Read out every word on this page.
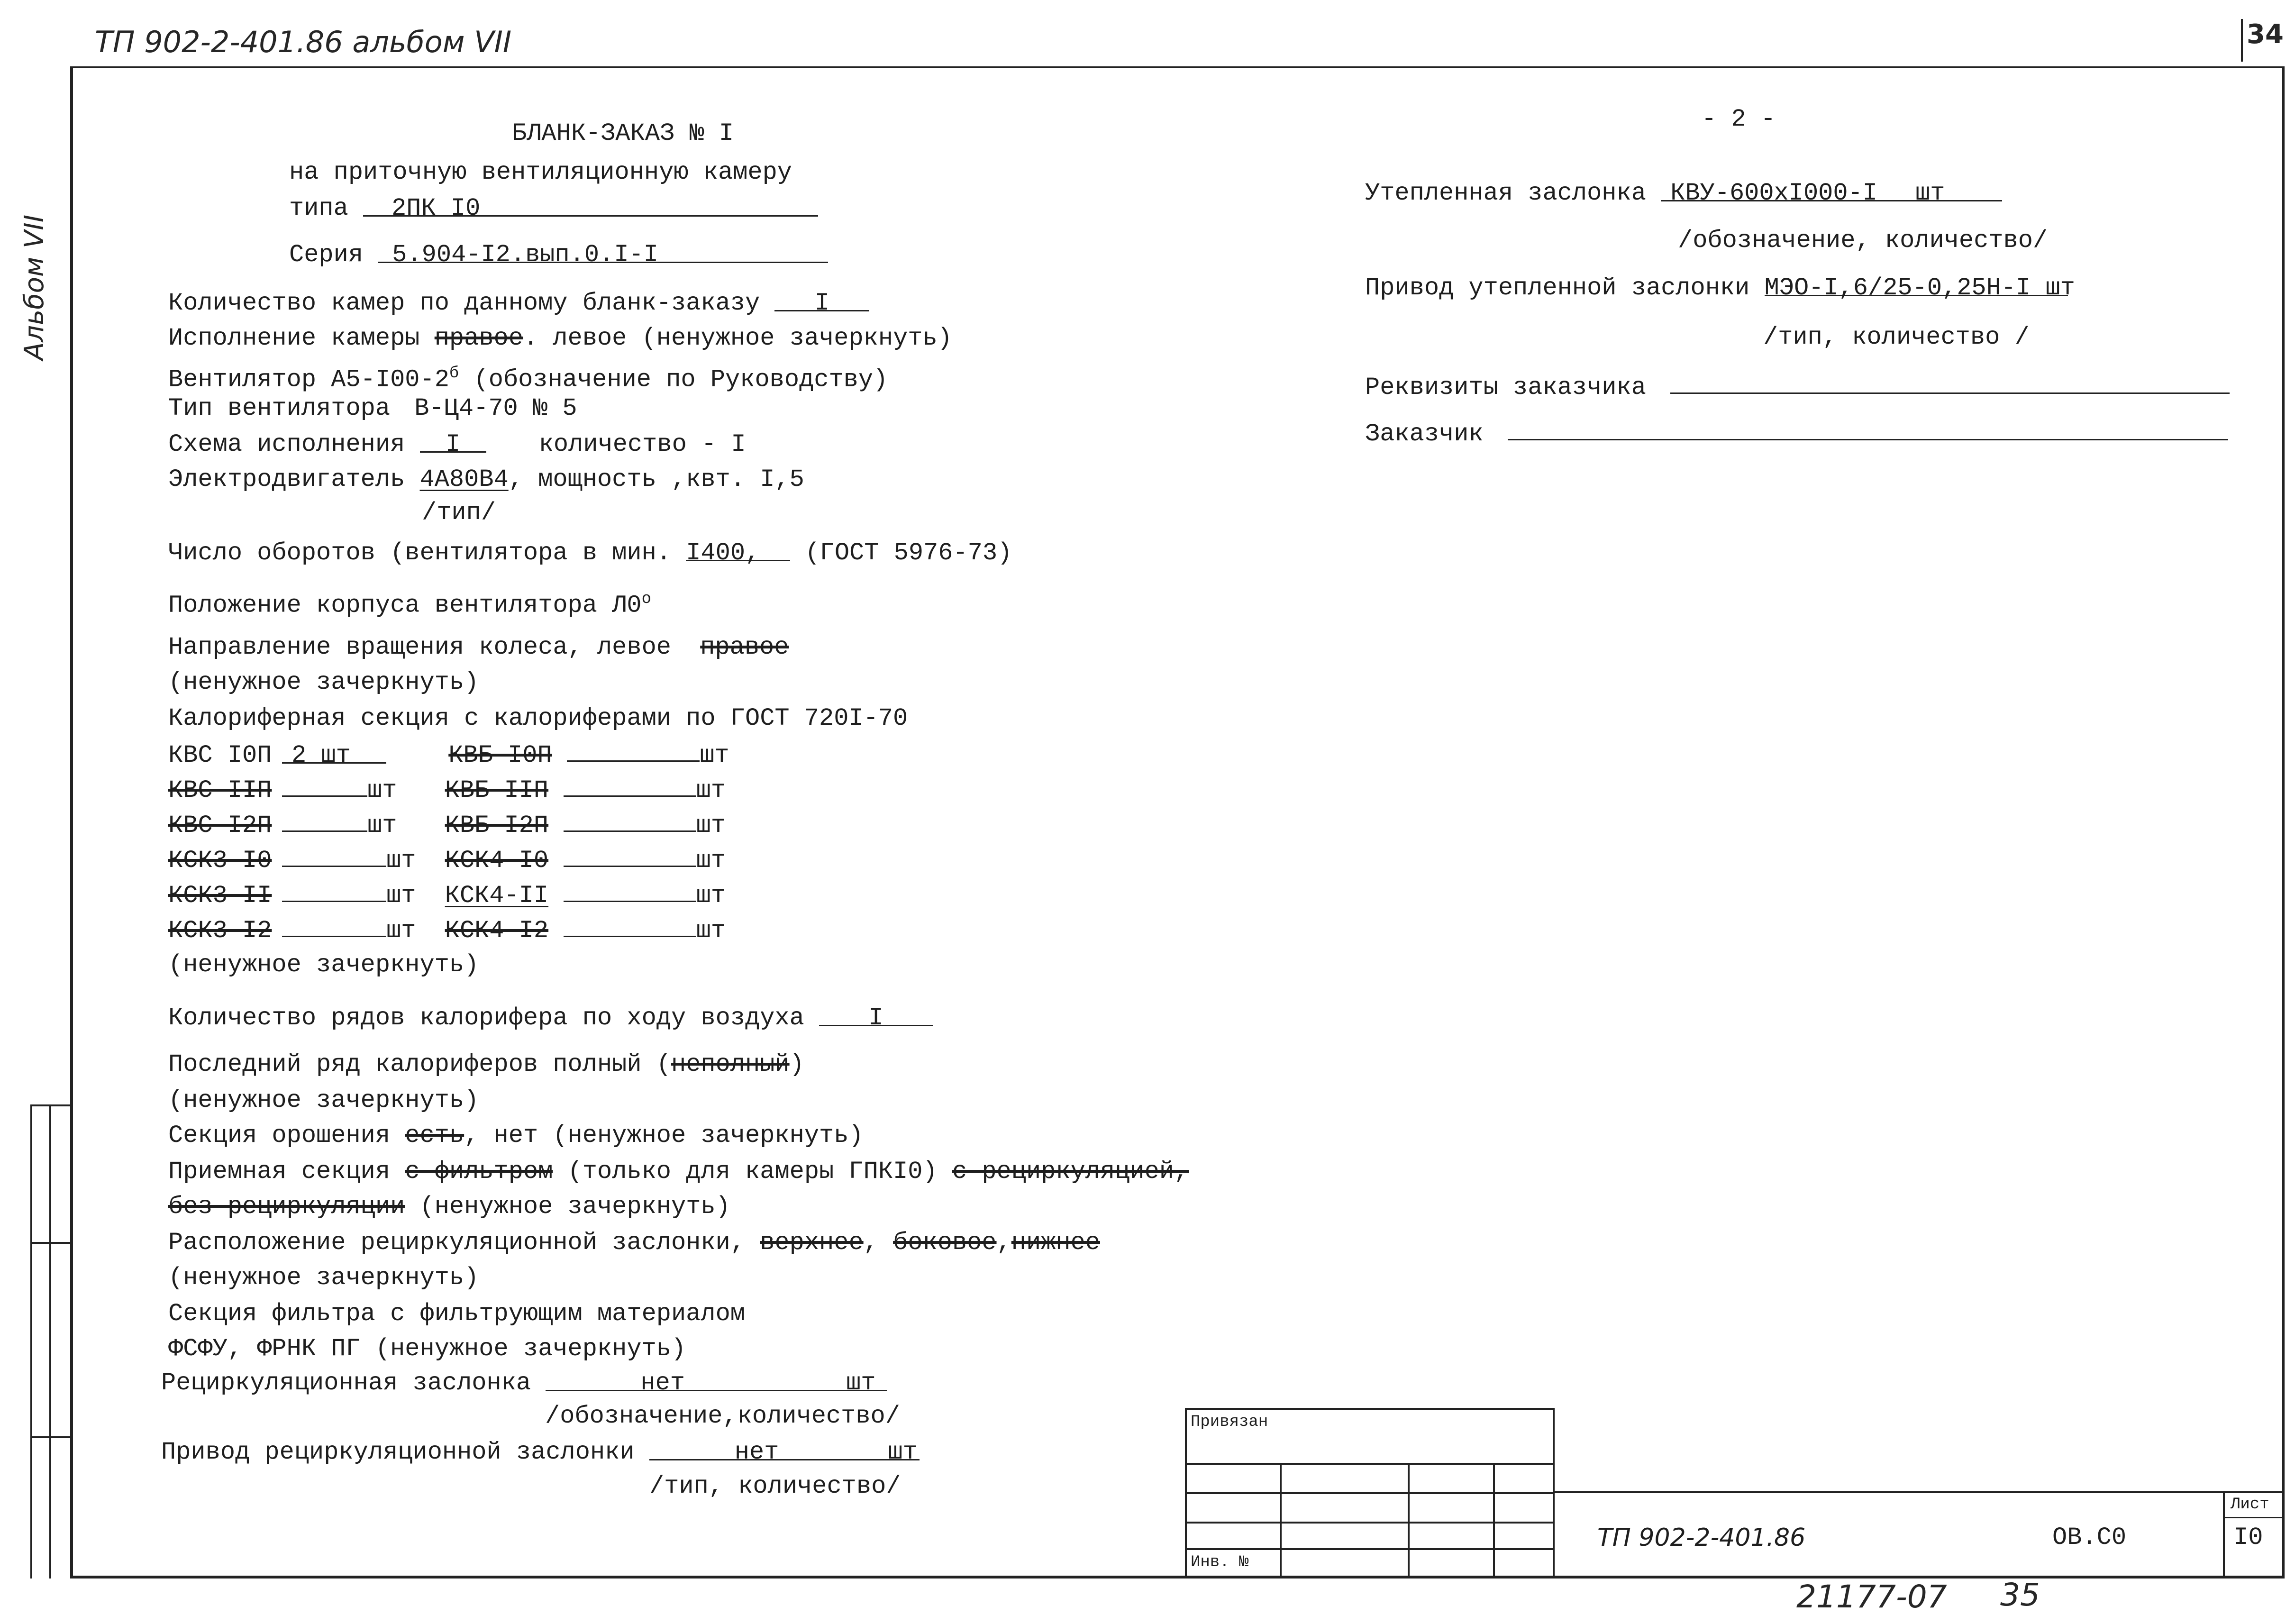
ТП 902-2-401.86 альбом VII	34
Альбом VII
БЛАНК-ЗАКАЗ № I
на приточную вентиляционную камеру
типа 2ПК I0
Серия 5.904-I2.вып.0.I-I
Количество камер по данному бланк-заказу I
Исполнение камеры правое. левое (ненужное зачеркнуть)
Вентилятор $А5-I00-2^б$ (обозначение по Руководству)
Тип вентилятора В-Ц4-70 № 5
Схема исполнения I	количество - I
Электродвигатель 4А80В4, мощность ,квт. I,5
/тип/
Число оборотов (вентилятора в мин. I400, (ГОСТ 5976-73)
Положение корпуса вентилятора $Л0^о$
Направление вращения колеса, левое правое
(ненужное зачеркнуть)
Калориферная секция с калориферами по ГОСТ 720I-70
КВС I0П 2 шт	КВБ-I0П	шт
КВС-IIП	шт КВБ-IIП	шт
КВС-I2П	шт КВБ-I2П	шт
КСК3-I0	шт КСК4-I0	шт
КСК3-II	шт КСК4-II	шт
КСК3-I2	шт КСК4-I2	шт
(ненужное зачеркнуть)
Количество рядов калорифера по ходу воздуха	I
Последний ряд калориферов полный (неполный)
(ненужное зачеркнуть)
Секция орошения есть, нет (ненужное зачеркнуть)
Приемная секция с фильтром (только для камеры ГПКI0) с рециркуляцией,
без рециркуляции (ненужное зачеркнуть)
Расположение рециркуляционной заслонки, верхнее, боковое,нижнее
(ненужное зачеркнуть)
Секция фильтра с фильтрующим материалом
ФСФУ, ФРНК ПГ (ненужное зачеркнуть)
Рециркуляционная заслонка	нет	шт
/обозначение,количество/
Привод рециркуляционной заслонки	нет	шт
/тип, количество/
- 2 -
Утепленная заслонка КВУ-600хI000-I шт
/обозначение, количество/
Привод утепленной заслонки МЭО-I,6/25-0,25Н-I шт
/тип, количество /
Реквизиты заказчика
Заказчик
Привязан
Инв. №
Лист
I0
ТП 902-2-401.86	ОВ.С0
21177-07 35
